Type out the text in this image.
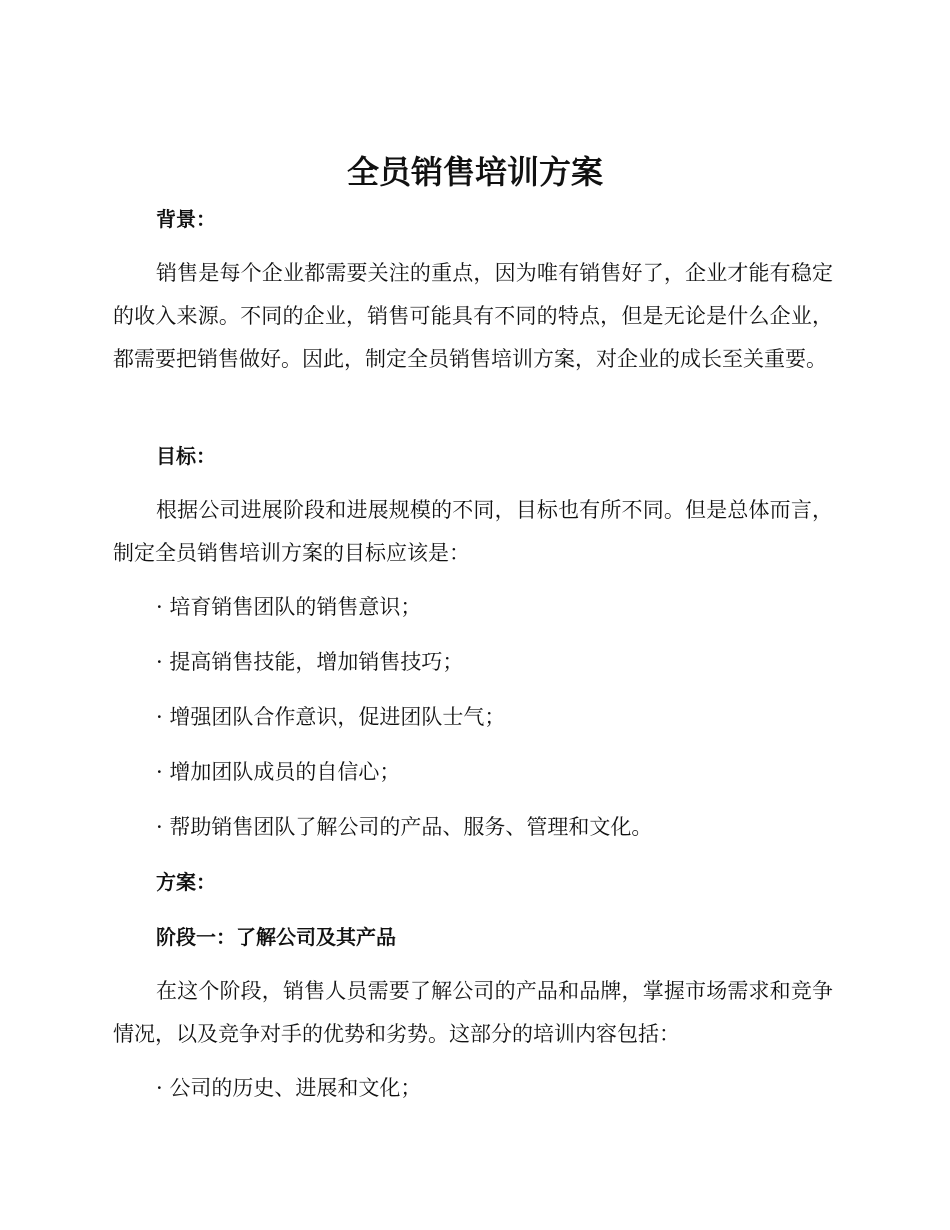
全员销售培训方案

背景：

销售是每个企业都需要关注的重点，因为唯有销售好了，企业才能有稳定的收入来源。不同的企业，销售可能具有不同的特点，但是无论是什么企业，都需要把销售做好。因此，制定全员销售培训方案，对企业的成长至关重要。

目标：

根据公司进展阶段和进展规模的不同，目标也有所不同。但是总体而言，制定全员销售培训方案的目标应该是：

· 培育销售团队的销售意识；

· 提高销售技能，增加销售技巧；

· 增强团队合作意识，促进团队士气；

· 增加团队成员的自信心；

· 帮助销售团队了解公司的产品、服务、管理和文化。

方案：

阶段一：了解公司及其产品

在这个阶段，销售人员需要了解公司的产品和品牌，掌握市场需求和竞争情况，以及竞争对手的优势和劣势。这部分的培训内容包括：

· 公司的历史、进展和文化；
